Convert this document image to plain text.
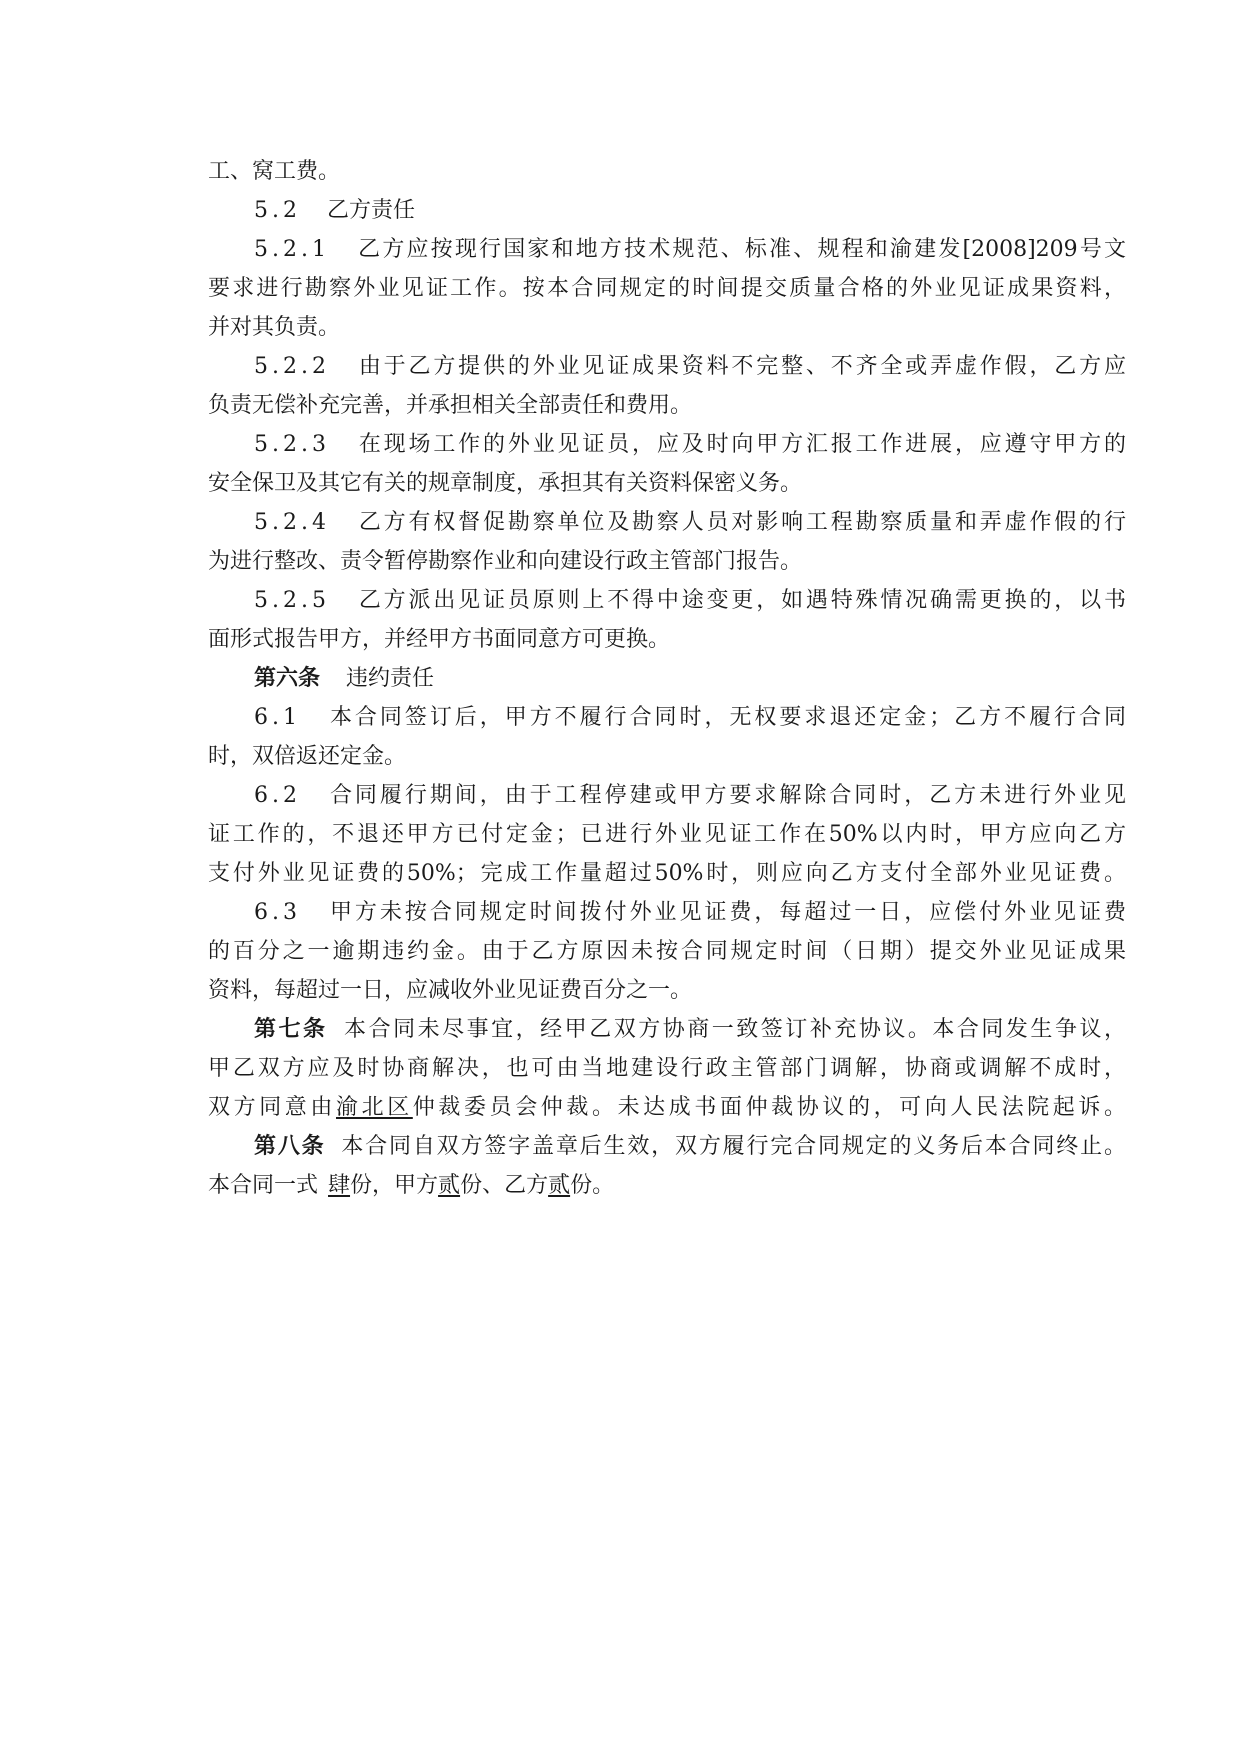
工、窝工费。

5.2 乙方责任

5.2.1 乙方应按现行国家和地方技术规范、标准、规程和渝建发[2008]209号文

要求进行勘察外业见证工作。按本合同规定的时间提交质量合格的外业见证成果资料，

并对其负责。

5.2.2 由于乙方提供的外业见证成果资料不完整、不齐全或弄虚作假，乙方应

负责无偿补充完善，并承担相关全部责任和费用。

5.2.3 在现场工作的外业见证员，应及时向甲方汇报工作进展，应遵守甲方的

安全保卫及其它有关的规章制度，承担其有关资料保密义务。

5.2.4 乙方有权督促勘察单位及勘察人员对影响工程勘察质量和弄虚作假的行

为进行整改、责令暂停勘察作业和向建设行政主管部门报告。

5.2.5 乙方派出见证员原则上不得中途变更，如遇特殊情况确需更换的，以书

面形式报告甲方，并经甲方书面同意方可更换。

第六条 违约责任

6.1 本合同签订后，甲方不履行合同时，无权要求退还定金；乙方不履行合同

时，双倍返还定金。

6.2 合同履行期间，由于工程停建或甲方要求解除合同时，乙方未进行外业见

证工作的，不退还甲方已付定金；已进行外业见证工作在50%以内时，甲方应向乙方

支付外业见证费的50%；完成工作量超过50%时，则应向乙方支付全部外业见证费。

6.3 甲方未按合同规定时间拨付外业见证费，每超过一日，应偿付外业见证费

的百分之一逾期违约金。由于乙方原因未按合同规定时间（日期）提交外业见证成果

资料，每超过一日，应减收外业见证费百分之一。

第七条 本合同未尽事宜，经甲乙双方协商一致签订补充协议。本合同发生争议，

甲乙双方应及时协商解决，也可由当地建设行政主管部门调解，协商或调解不成时，

双方同意由渝北区仲裁委员会仲裁。未达成书面仲裁协议的，可向人民法院起诉。

第八条 本合同自双方签字盖章后生效，双方履行完合同规定的义务后本合同终止。

本合同一式 肆份，甲方贰份、乙方贰份。
